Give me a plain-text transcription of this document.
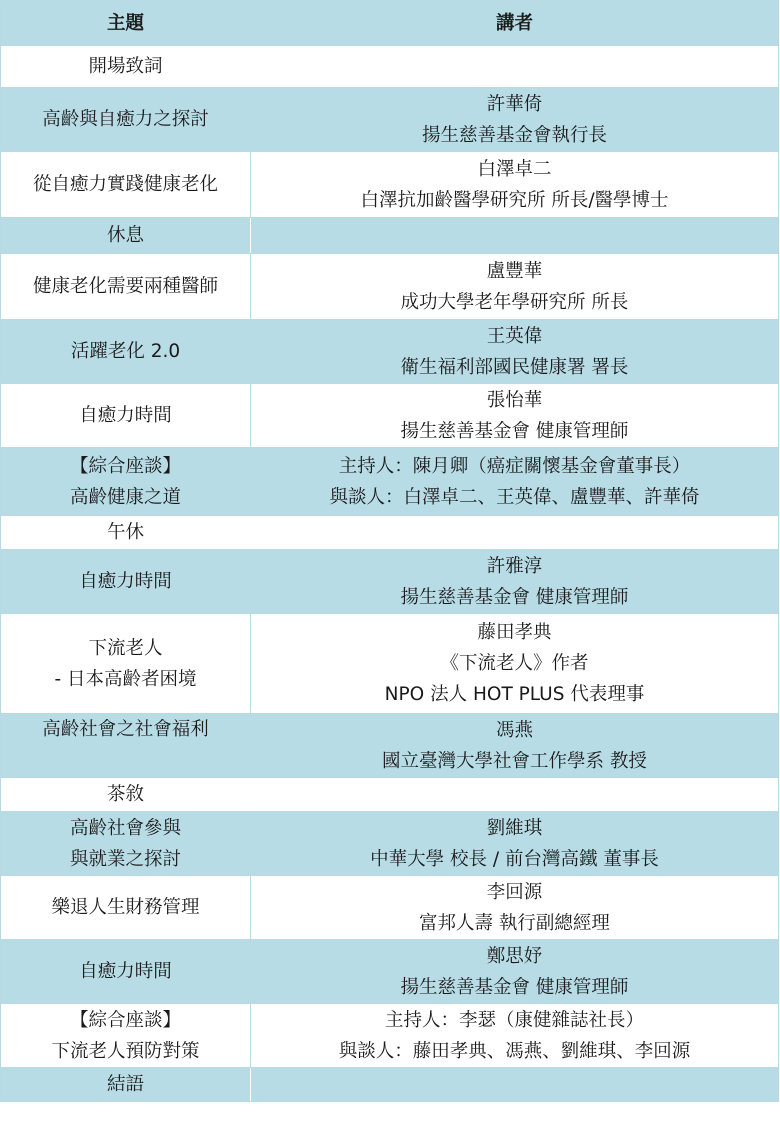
主題	講者

開場致詞	

高齡與自癒力之探討	許華倚
揚生慈善基金會執行長

從自癒力實踐健康老化	白澤卓二
白澤抗加齡醫學研究所 所長/醫學博士

休息	

健康老化需要兩種醫師	盧豐華
成功大學老年學研究所 所長

活躍老化 2.0	王英偉
衛生福利部國民健康署 署長

自癒力時間	張怡華
揚生慈善基金會 健康管理師

【綜合座談】
高齡健康之道	主持人：陳月卿（癌症關懷基金會董事長）
與談人：白澤卓二、王英偉、盧豐華、許華倚

午休	

自癒力時間	許雅淳
揚生慈善基金會 健康管理師

下流老人
- 日本高齡者困境	藤田孝典
《下流老人》作者
NPO 法人 HOT PLUS 代表理事

高齡社會之社會福利	馮燕
國立臺灣大學社會工作學系 教授

茶敘	

高齡社會參與
與就業之探討	劉維琪
中華大學 校長 / 前台灣高鐵 董事長

樂退人生財務管理	李回源
富邦人壽 執行副總經理

自癒力時間	鄭思妤
揚生慈善基金會 健康管理師

【綜合座談】
下流老人預防對策	主持人：李瑟（康健雜誌社長）
與談人：藤田孝典、馮燕、劉維琪、李回源

結語	
